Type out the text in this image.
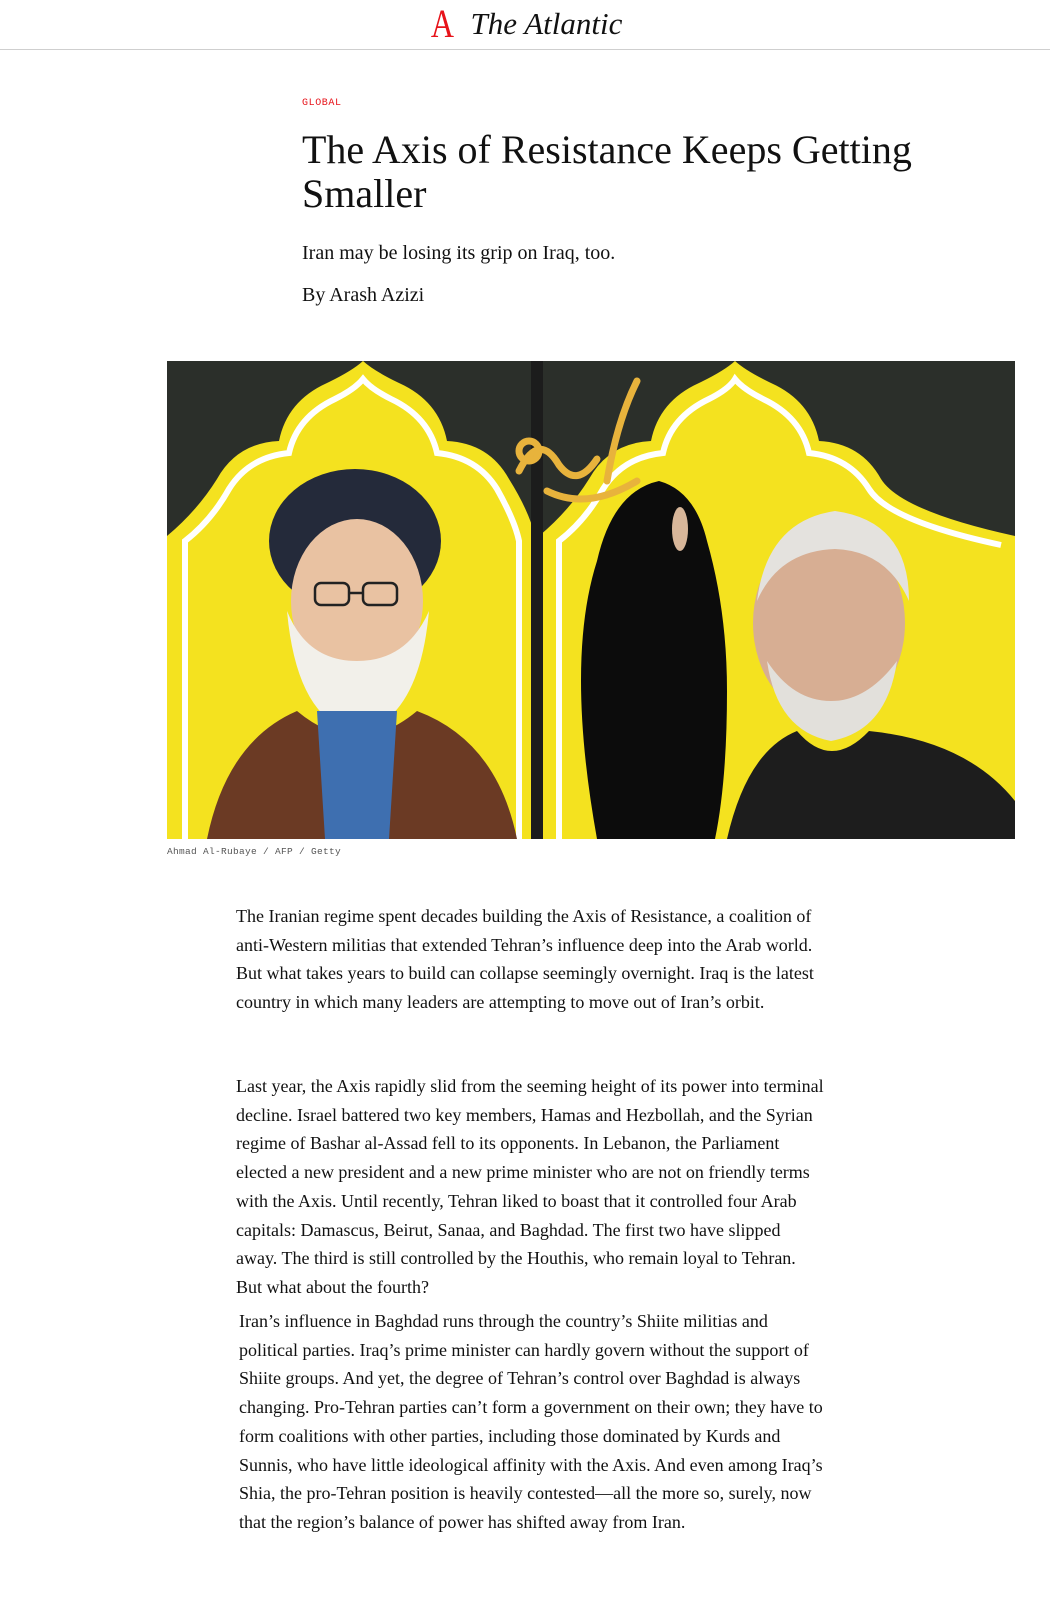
A The Atlantic
GLOBAL
The Axis of Resistance Keeps Getting Smaller
Iran may be losing its grip on Iraq, too.
By Arash Azizi
Ahmad Al-Rubaye / AFP / Getty

The Iranian regime spent decades building the Axis of Resistance, a coalition of anti-Western militias that extended Tehran’s influence deep into the Arab world. But what takes years to build can collapse seemingly overnight. Iraq is the latest country in which many leaders are attempting to move out of Iran’s orbit.

Last year, the Axis rapidly slid from the seeming height of its power into terminal decline. Israel battered two key members, Hamas and Hezbollah, and the Syrian regime of Bashar al-Assad fell to its opponents. In Lebanon, the Parliament elected a new president and a new prime minister who are not on friendly terms with the Axis. Until recently, Tehran liked to boast that it controlled four Arab capitals: Damascus, Beirut, Sanaa, and Baghdad. The first two have slipped away. The third is still controlled by the Houthis, who remain loyal to Tehran. But what about the fourth?

Iran’s influence in Baghdad runs through the country’s Shiite militias and political parties. Iraq’s prime minister can hardly govern without the support of Shiite groups. And yet, the degree of Tehran’s control over Baghdad is always changing. Pro-Tehran parties can’t form a government on their own; they have to form coalitions with other parties, including those dominated by Kurds and Sunnis, who have little ideological affinity with the Axis. And even among Iraq’s Shia, the pro-Tehran position is heavily contested—all the more so, surely, now that the region’s balance of power has shifted away from Iran.
